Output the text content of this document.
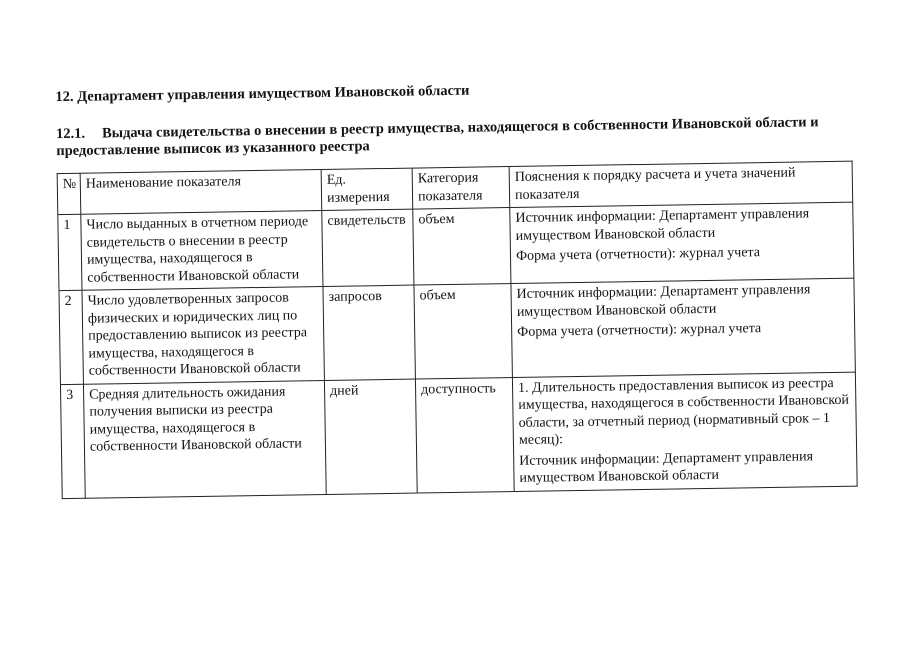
12. Департамент управления имуществом Ивановской области
12.1. Выдача свидетельства о внесении в реестр имущества, находящегося в собственности Ивановской области и предоставление выписок из указанного реестра
№	Наименование показателя	Ед. измерения	Категория показателя	Пояснения к порядку расчета и учета значений показателя
1	Число выданных в отчетном периоде свидетельств о внесении в реестр имущества, находящегося в собственности Ивановской области	свидетельств	объем	Источник информации: Департамент управления имуществом Ивановской области
Форма учета (отчетности): журнал учета

2	Число удовлетворенных запросов физических и юридических лиц по предоставлению выписок из реестра имущества, находящегося в собственности Ивановской области	запросов	объем	Источник информации: Департамент управления имуществом Ивановской области
Форма учета (отчетности): журнал учета

3	Средняя длительность ожидания получения выписки из реестра имущества, находящегося в собственности Ивановской области	дней	доступность	1. Длительность предоставления выписок из реестра имущества, находящегося в собственности Ивановской области, за отчетный период (нормативный срок – 1 месяц):
Источник информации: Департамент управления имуществом Ивановской области
